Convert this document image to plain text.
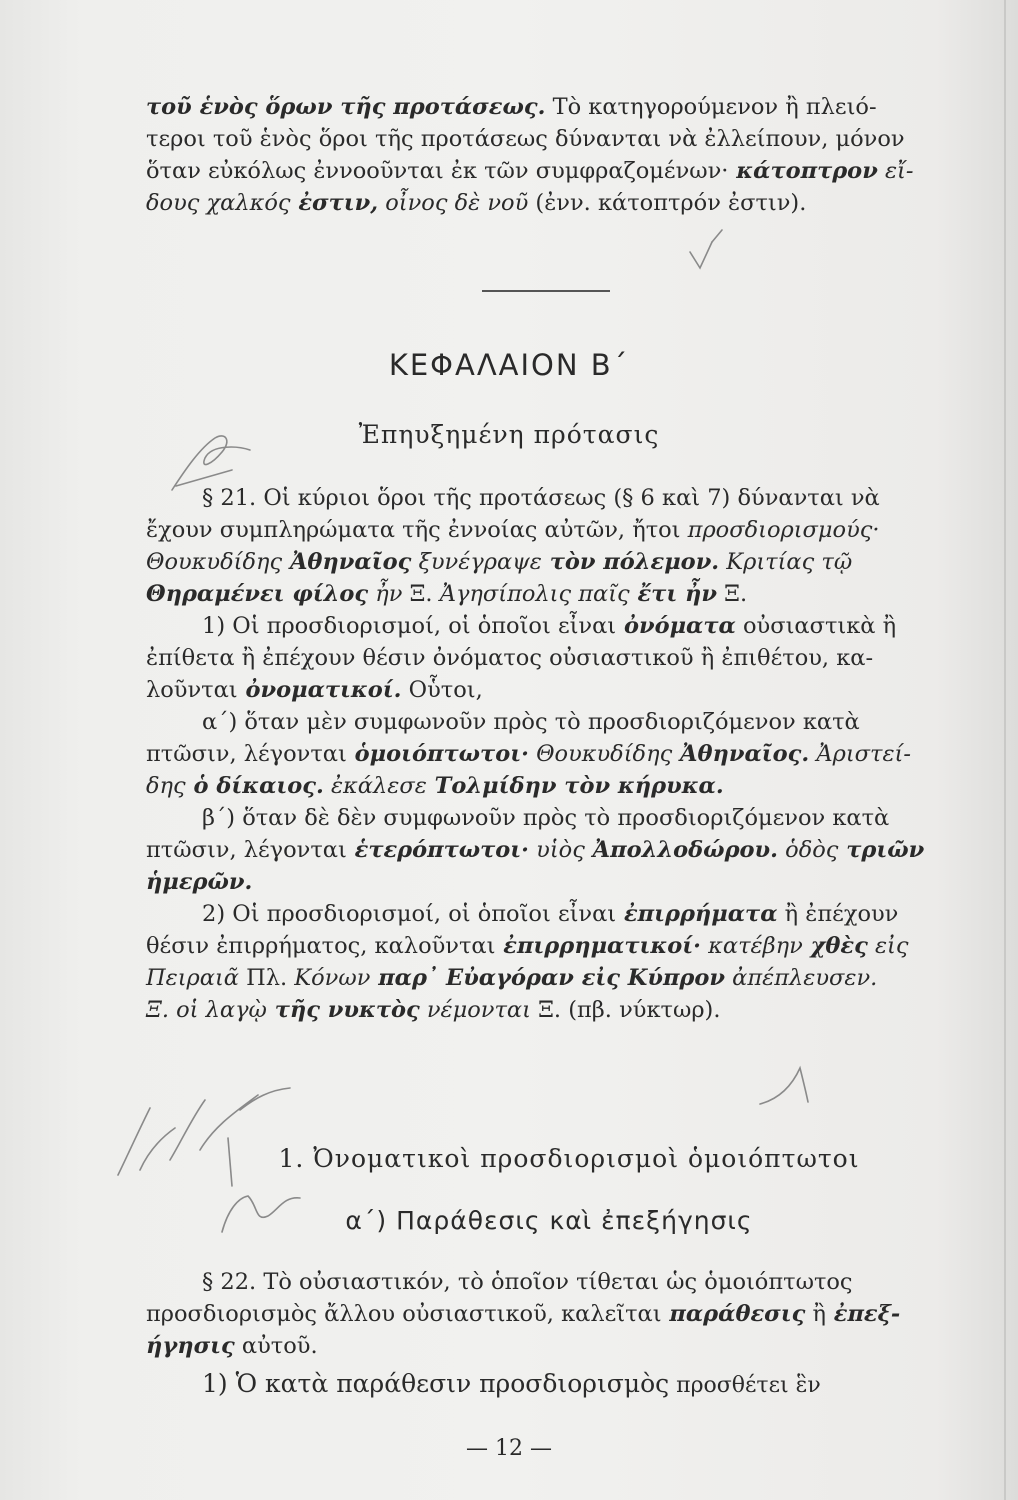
τοῦ ἑνὸς ὅρων τῆς προτάσεως. Τὸ κατηγορούμενον ἢ πλειό-

τεροι τοῦ ἑνὸς ὅροι τῆς προτάσεως δύνανται νὰ ἐλλείπουν, μόνον

ὅταν εὐκόλως ἐννοοῦνται ἐκ τῶν συμφραζομένων· κάτοπτρον εἴ-

δους χαλκός ἐστιν, οἶνος δὲ νοῦ (ἐνν. κάτοπτρόν ἐστιν).

ΚΕΦΑΛΑΙΟΝ Β΄
Ἐπηυξημένη πρότασις

§ 21. Οἱ κύριοι ὅροι τῆς προτάσεως (§ 6 καὶ 7) δύνανται νὰ

ἔχουν συμπληρώματα τῆς ἐννοίας αὐτῶν, ἤτοι προσδιορισμούς·

Θουκυδίδης Ἀθηναῖος ξυνέγραψε τὸν πόλεμον. Κριτίας τῷ

Θηραμένει φίλος ἦν Ξ. Ἀγησίπολις παῖς ἔτι ἦν Ξ.

1) Οἱ προσδιορισμοί, οἱ ὁποῖοι εἶναι ὀνόματα οὐσιαστικὰ ἢ

ἐπίθετα ἢ ἐπέχουν θέσιν ὀνόματος οὐσιαστικοῦ ἢ ἐπιθέτου, κα-

λοῦνται ὀνοματικοί. Οὗτοι,

α΄) ὅταν μὲν συμφωνοῦν πρὸς τὸ προσδιοριζόμενον κατὰ

πτῶσιν, λέγονται ὁμοιόπτωτοι· Θουκυδίδης Ἀθηναῖος. Ἀριστεί-

δης ὁ δίκαιος. ἐκάλεσε Τολμίδην τὸν κήρυκα.

β΄) ὅταν δὲ δὲν συμφωνοῦν πρὸς τὸ προσδιοριζόμενον κατὰ

πτῶσιν, λέγονται ἑτερόπτωτοι· υἱὸς Ἀπολλοδώρου. ὁδὸς τριῶν

ἡμερῶν.

2) Οἱ προσδιορισμοί, οἱ ὁποῖοι εἶναι ἐπιρρήματα ἢ ἐπέχουν

θέσιν ἐπιρρήματος, καλοῦνται ἐπιρρηματικοί· κατέβην χθὲς εἰς

Πειραιᾶ Πλ. Κόνων παρ᾽ Εὐαγόραν εἰς Κύπρον ἀπέπλευσεν.

Ξ. οἱ λαγῲ τῆς νυκτὸς νέμονται Ξ. (πβ. νύκτωρ).

1. Ὀνοματικοὶ προσδιορισμοὶ ὁμοιόπτωτοι
α΄) Παράθεσις καὶ ἐπεξήγησις

§ 22. Τὸ οὐσιαστικόν, τὸ ὁποῖον τίθεται ὡς ὁμοιόπτωτος

προσδιορισμὸς ἄλλου οὐσιαστικοῦ, καλεῖται παράθεσις ἢ ἐπεξ-

ήγησις αὐτοῦ.

1) Ὁ κατὰ παράθεσιν προσδιορισμὸς προσθέτει ἓν

— 12 —
